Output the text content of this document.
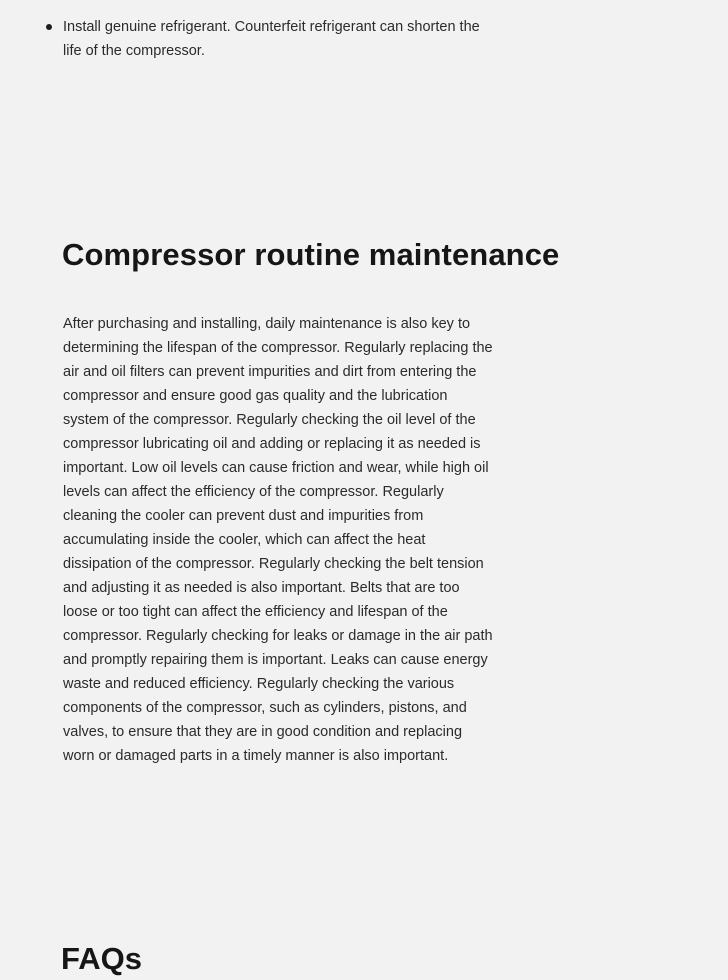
Install genuine refrigerant. Counterfeit refrigerant can shorten the life of the compressor.
Compressor routine maintenance

After purchasing and installing, daily maintenance is also key to determining the lifespan of the compressor. Regularly replacing the air and oil filters can prevent impurities and dirt from entering the compressor and ensure good gas quality and the lubrication system of the compressor. Regularly checking the oil level of the compressor lubricating oil and adding or replacing it as needed is important. Low oil levels can cause friction and wear, while high oil levels can affect the efficiency of the compressor. Regularly cleaning the cooler can prevent dust and impurities from accumulating inside the cooler, which can affect the heat dissipation of the compressor. Regularly checking the belt tension and adjusting it as needed is also important. Belts that are too loose or too tight can affect the efficiency and lifespan of the compressor. Regularly checking for leaks or damage in the air path and promptly repairing them is important. Leaks can cause energy waste and reduced efficiency. Regularly checking the various components of the compressor, such as cylinders, pistons, and valves, to ensure that they are in good condition and replacing worn or damaged parts in a timely manner is also important.

FAQs
